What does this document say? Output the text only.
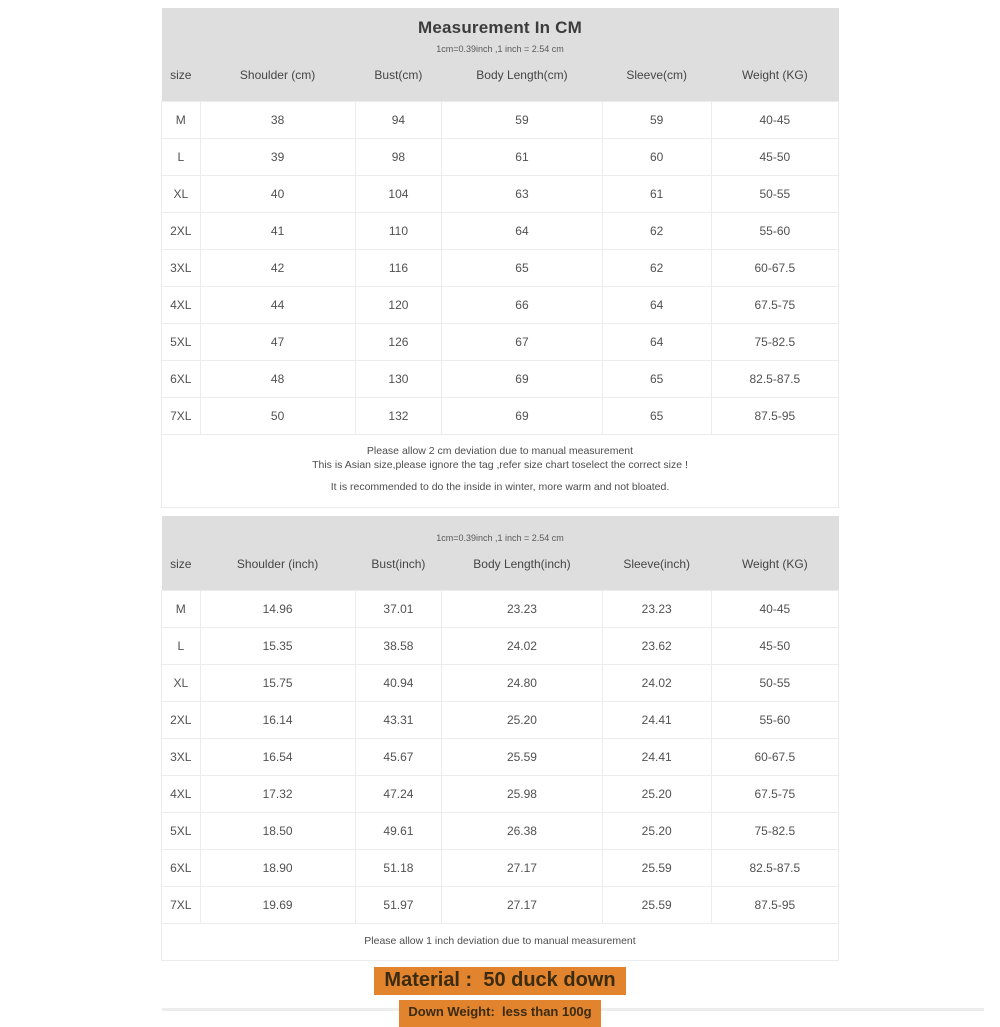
Measurement In CM
1cm=0.39inch ,1 inch = 2.54 cm					

size	Shoulder (cm)	Bust(cm)	Body Length(cm)	Sleeve(cm)	Weight (KG)
M	38	94	59	59	40-45
L	39	98	61	60	45-50
XL	40	104	63	61	50-55
2XL	41	110	64	62	55-60
3XL	42	116	65	62	60-67.5
4XL	44	120	66	64	67.5-75
5XL	47	126	67	64	75-82.5
6XL	48	130	69	65	82.5-87.5
7XL	50	132	69	65	87.5-95

Please allow 2 cm deviation due to manual measurement
This is Asian size,please ignore the tag ,refer size chart toselect the correct size !
It is recommended to do the inside in winter, more warm and not bloated.					
1cm=0.39inch ,1 inch = 2.54 cm					

size	Shoulder (inch)	Bust(inch)	Body Length(inch)	Sleeve(inch)	Weight (KG)
M	14.96	37.01	23.23	23.23	40-45
L	15.35	38.58	24.02	23.62	45-50
XL	15.75	40.94	24.80	24.02	50-55
2XL	16.14	43.31	25.20	24.41	55-60
3XL	16.54	45.67	25.59	24.41	60-67.5
4XL	17.32	47.24	25.98	25.20	67.5-75
5XL	18.50	49.61	26.38	25.20	75-82.5
6XL	18.90	51.18	27.17	25.59	82.5-87.5
7XL	19.69	51.97	27.17	25.59	87.5-95

Please allow 1 inch deviation due to manual measurement					
Material :  50 duck down
Down Weight:  less than 100g
